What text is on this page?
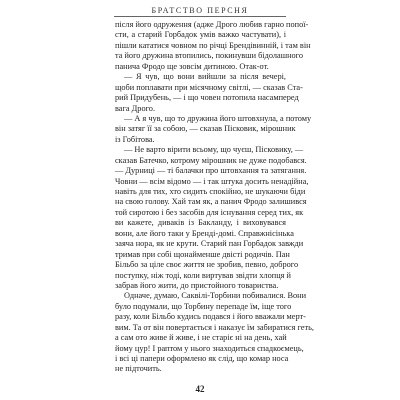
БРАТСТВО ПЕРСНЯ
після його одруження (адже Дрого любив гарно попої-
сти, а старий Горбадок умів важко частувати), і
пішли кататися човном по річці Брендівинній, і там він
та його дружина втопились, покинувши бідолашного
панича Фродо ще зовсім дитиною. Отак-от.
— Я чув, що вони вийшли за після вечері,
щоби поплавати при місячному світлі, — сказав Ста-
рий Придубень, — і що човен потопила насамперед
вага Дрого.
— А я чув, що то дружина його штовхнула, а потому
він затяг її за собою, — сказав Пісковик, мірошник
із Гобітова.
— Не варто вірити всьому, що чуєш, Пісковику, —
сказав Батечко, котрому мірошник не дуже подобався.
— Дурниці — ті балачки про штовхання та затягання.
Човни — всім відомо — і так штука досить ненадійна,
навіть для тих, хто сидить спокійно, не шукаючи біди
на свою голову. Хай там як, а панич Фродо залишився
той сиротою і без засобів для існування серед тих, як
ви кажете, диваків із Бакланду, і виховувався
вони, але його таки у Бренді-домі. Справжнісінька
заяча нора, як не крути. Старий пан Горбадок завжди
тримав при собі щонайменше двісті родичів. Пан
Більбо за ціле своє життя не зробив, певно, доброго
поступку, ніж тоді, коли виртував звідти хлопця й
забрав його жити, до пристойного товариства.
Одначе, думаю, Саквілі-Торбини побивалися. Вони
було подумали, що Торбину перепаде їм, іще того
разу, коли Більбо кудись подався і його вважали мерт-
вим. Та от він повертається і наказує їм забиратися геть,
а сам ото живе й живе, і не старіє ні на день, хай
йому цур! І раптом у нього знаходиться спадкоємець,
і всі ці папери оформлено як слід, що комар носа
не підточить.
42
